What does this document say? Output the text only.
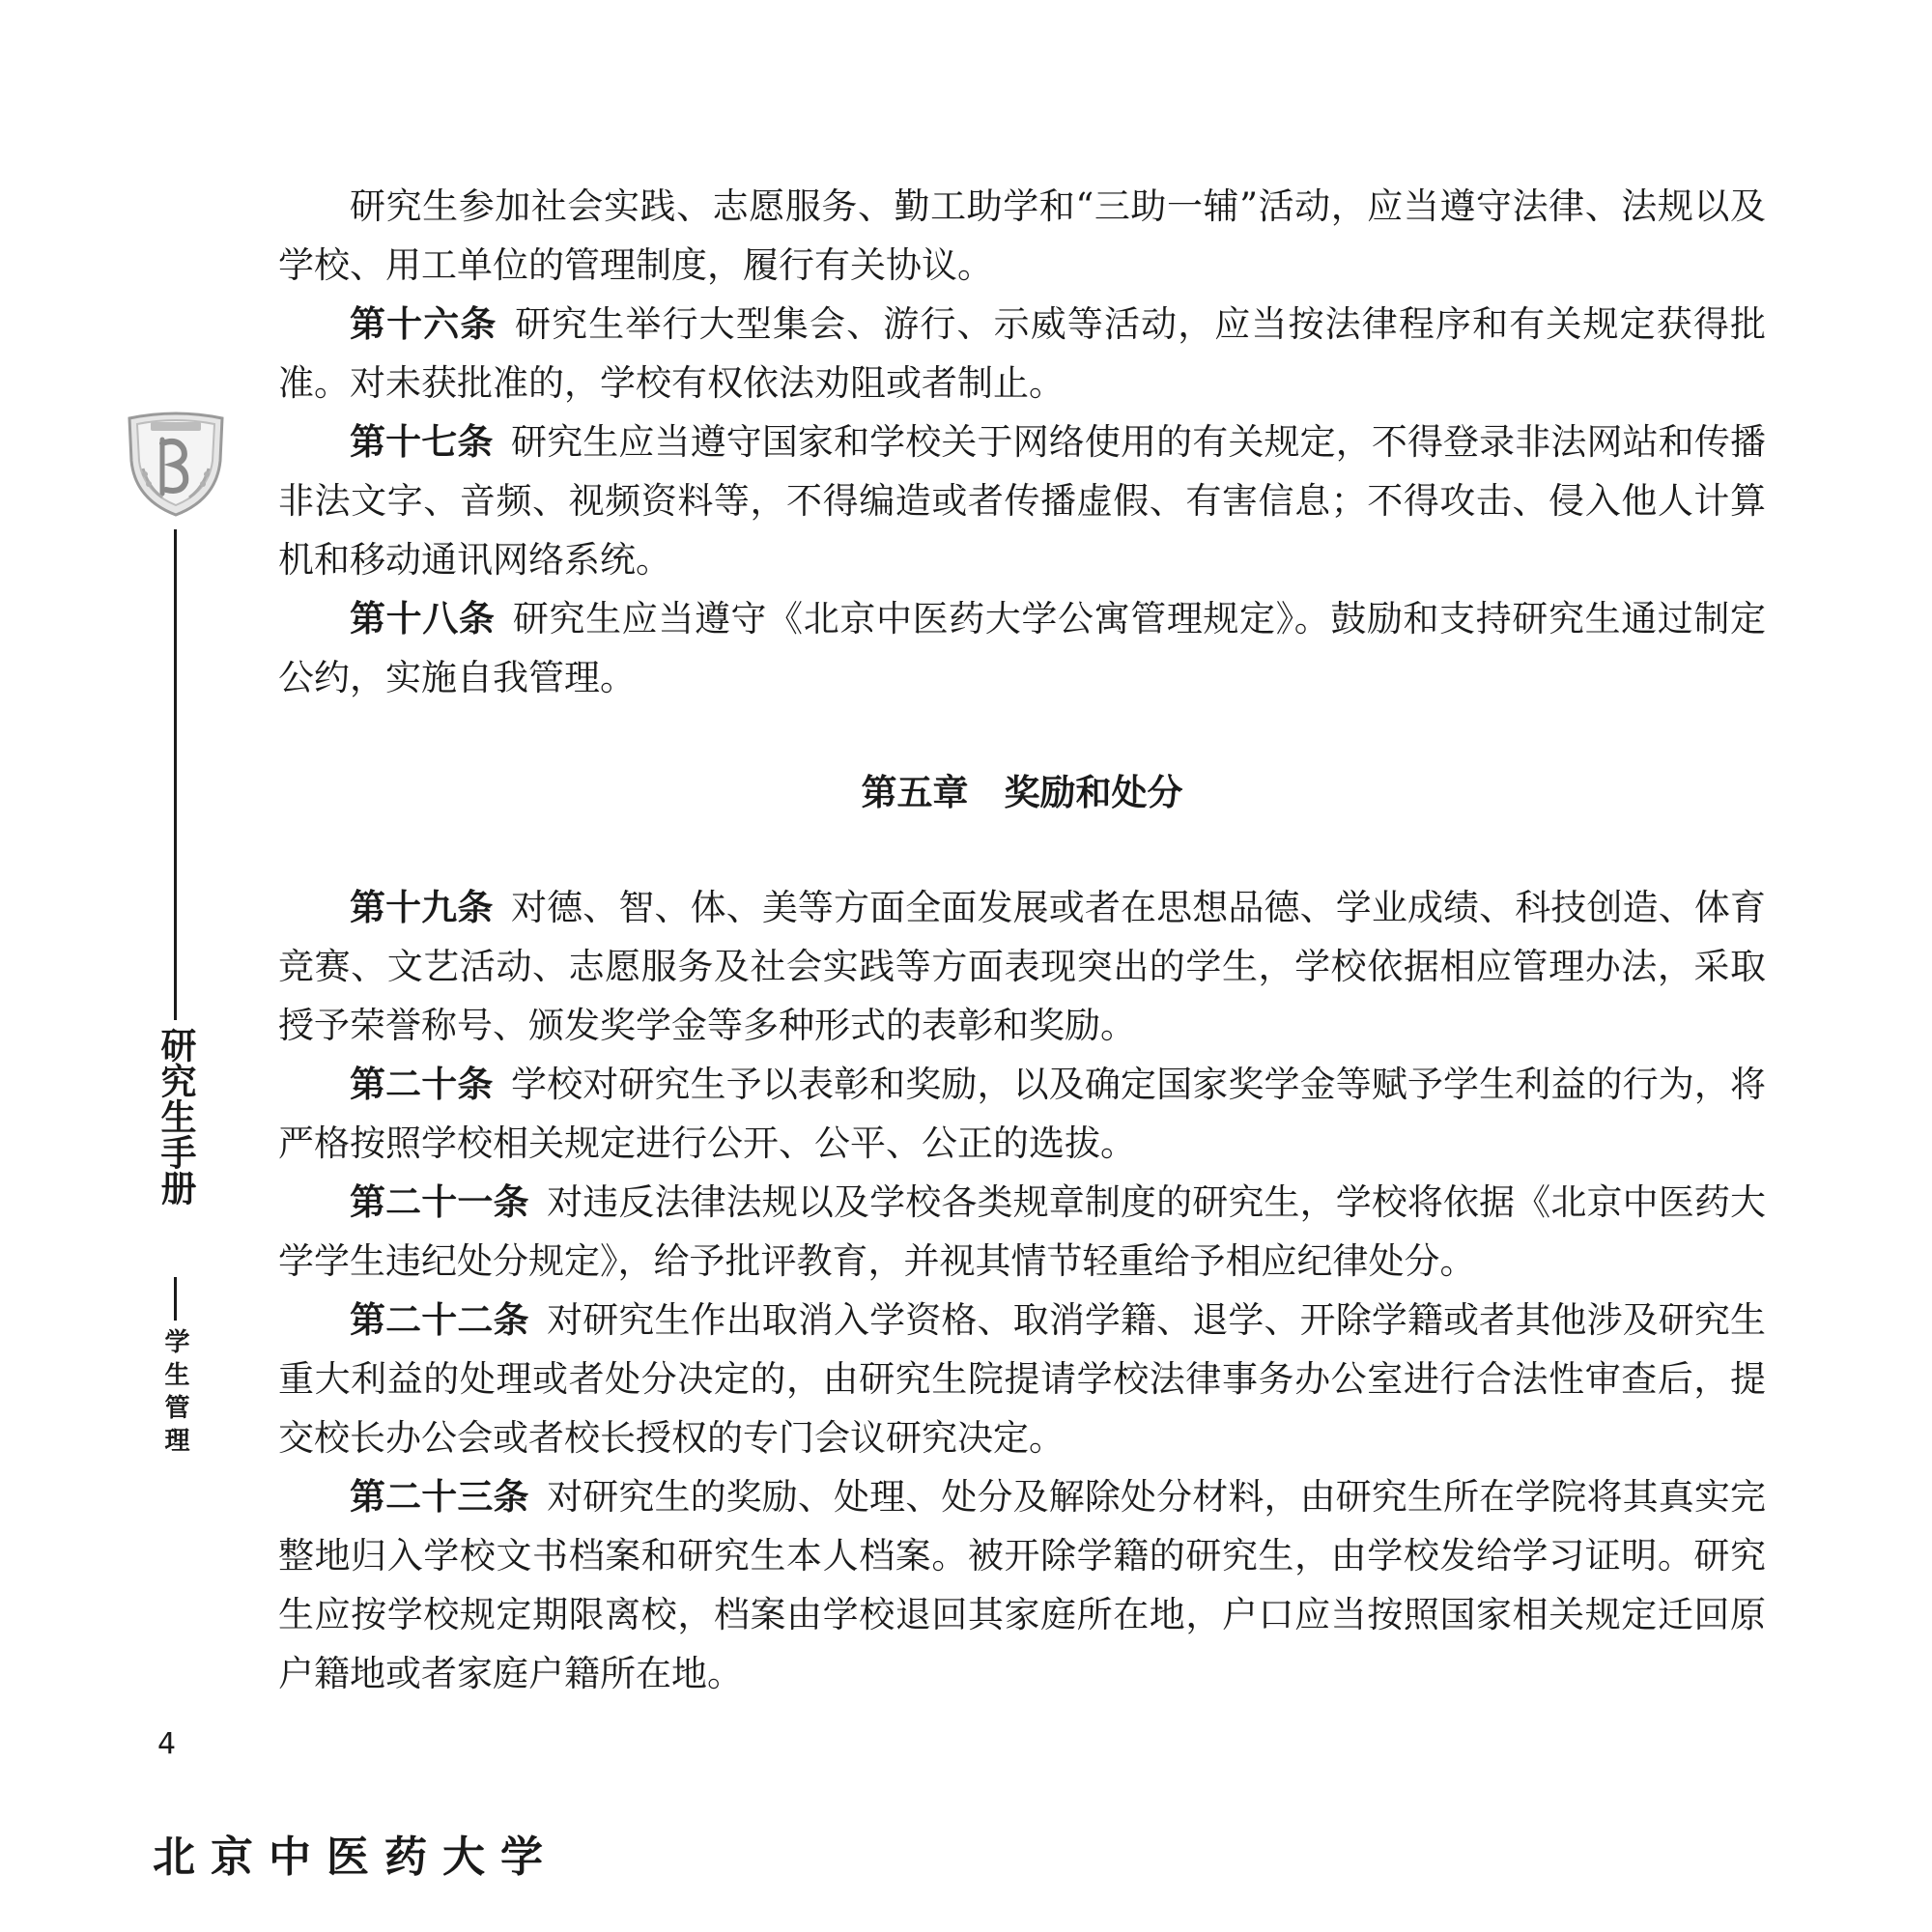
研究生手册
学生管理

研究生参加社会实践、志愿服务、勤工助学和“三助一辅”活动，应当遵守法律、法规以及学校、用工单位的管理制度，履行有关协议。

第十六条 研究生举行大型集会、游行、示威等活动，应当按法律程序和有关规定获得批准。对未获批准的，学校有权依法劝阻或者制止。

第十七条 研究生应当遵守国家和学校关于网络使用的有关规定，不得登录非法网站和传播非法文字、音频、视频资料等，不得编造或者传播虚假、有害信息；不得攻击、侵入他人计算机和移动通讯网络系统。

第十八条 研究生应当遵守《北京中医药大学公寓管理规定》。鼓励和支持研究生通过制定公约，实施自我管理。

第五章　奖励和处分

第十九条 对德、智、体、美等方面全面发展或者在思想品德、学业成绩、科技创造、体育竞赛、文艺活动、志愿服务及社会实践等方面表现突出的学生，学校依据相应管理办法，采取授予荣誉称号、颁发奖学金等多种形式的表彰和奖励。

第二十条 学校对研究生予以表彰和奖励，以及确定国家奖学金等赋予学生利益的行为，将严格按照学校相关规定进行公开、公平、公正的选拔。

第二十一条 对违反法律法规以及学校各类规章制度的研究生，学校将依据《北京中医药大学学生违纪处分规定》，给予批评教育，并视其情节轻重给予相应纪律处分。

第二十二条 对研究生作出取消入学资格、取消学籍、退学、开除学籍或者其他涉及研究生重大利益的处理或者处分决定的，由研究生院提请学校法律事务办公室进行合法性审查后，提交校长办公会或者校长授权的专门会议研究决定。

第二十三条 对研究生的奖励、处理、处分及解除处分材料，由研究生所在学院将其真实完整地归入学校文书档案和研究生本人档案。被开除学籍的研究生，由学校发给学习证明。研究生应按学校规定期限离校，档案由学校退回其家庭所在地，户口应当按照国家相关规定迁回原户籍地或者家庭户籍所在地。

4
北京中医药大学
